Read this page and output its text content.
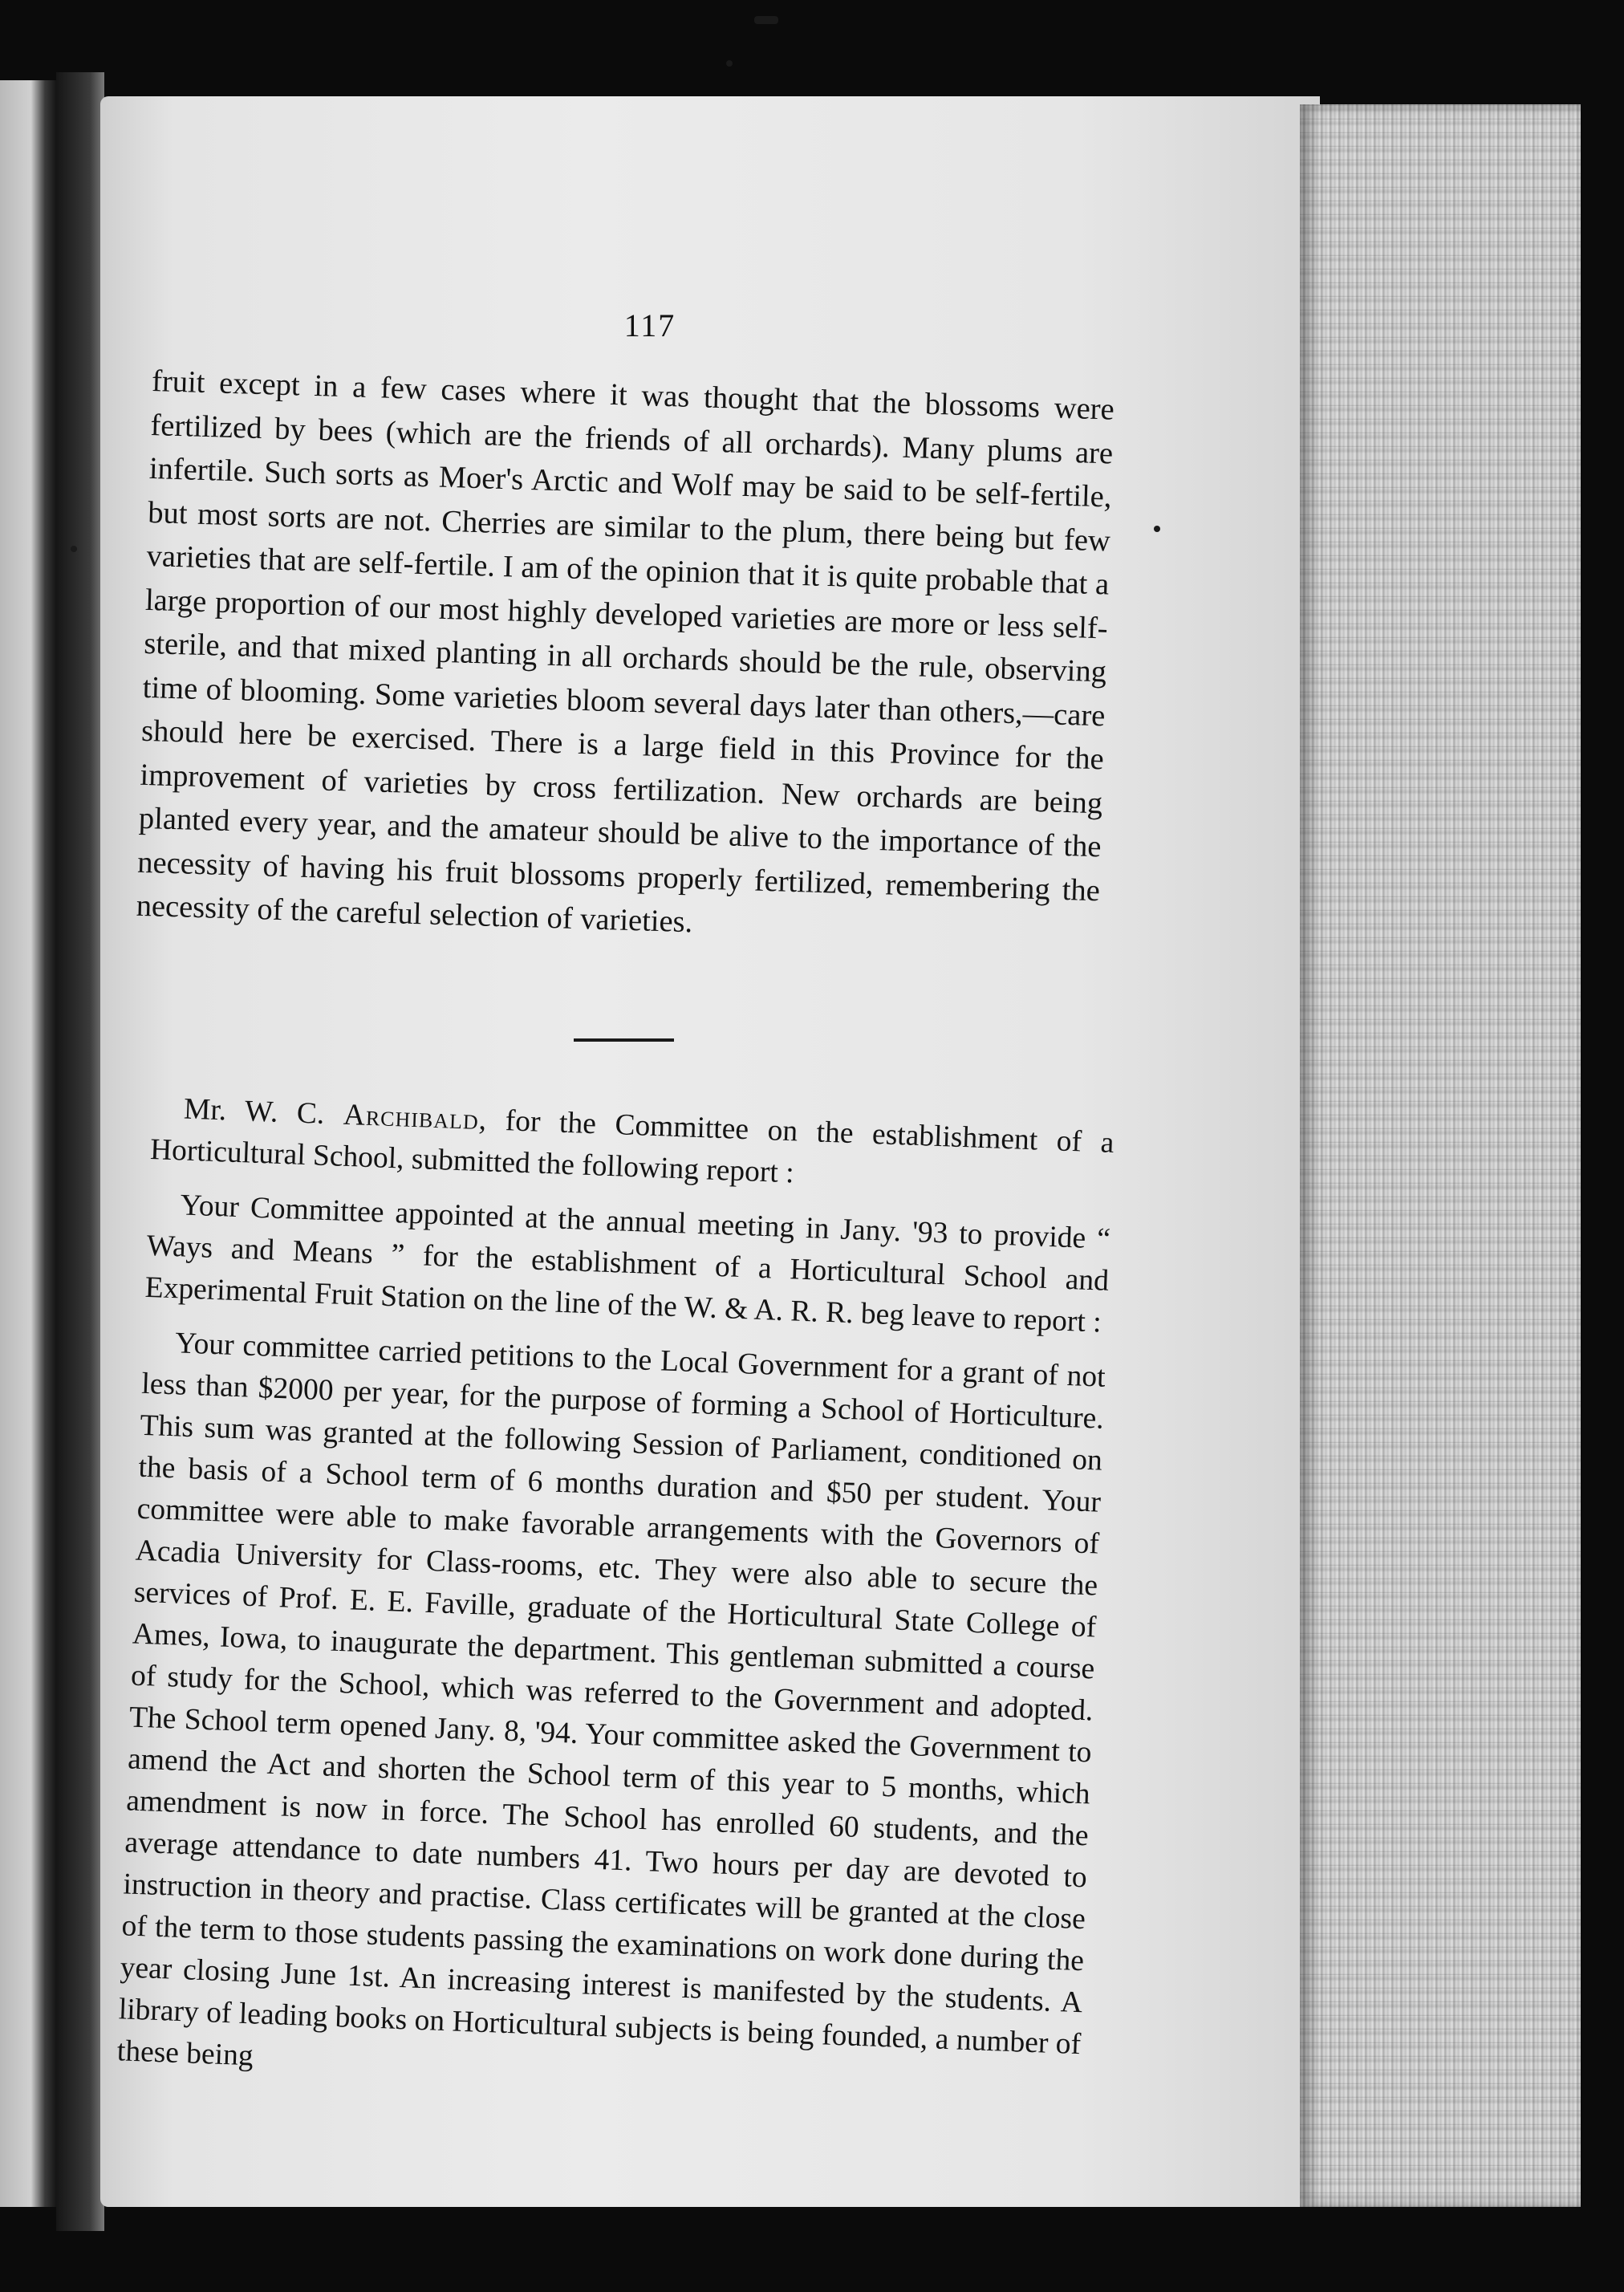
117

fruit except in a few cases where it was thought that the blossoms were fertilized by bees (which are the friends of all orchards). Many plums are infertile. Such sorts as Moer's Arctic and Wolf may be said to be self-fertile, but most sorts are not. Cherries are similar to the plum, there being but few varieties that are self-fertile. I am of the opinion that it is quite probable that a large proportion of our most highly developed varieties are more or less self-sterile, and that mixed planting in all orchards should be the rule, observing time of blooming. Some varieties bloom several days later than others,—care should here be exercised. There is a large field in this Province for the improvement of varieties by cross fertilization. New orchards are being planted every year, and the amateur should be alive to the importance of the necessity of having his fruit blossoms properly fertilized, remembering the necessity of the careful selection of varieties.

Mr. W. C. Archibald, for the Committee on the establishment of a Horticultural School, submitted the following report :

Your Committee appointed at the annual meeting in Jany. '93 to provide “ Ways and Means ” for the establishment of a Horticultural School and Experimental Fruit Station on the line of the W. & A. R. R. beg leave to report :

Your committee carried petitions to the Local Government for a grant of not less than $2000 per year, for the purpose of forming a School of Horticulture. This sum was granted at the following Session of Parliament, conditioned on the basis of a School term of 6 months duration and $50 per student. Your committee were able to make favorable arrangements with the Governors of Acadia University for Class-rooms, etc. They were also able to secure the services of Prof. E. E. Faville, graduate of the Horticultural State College of Ames, Iowa, to inaugurate the department. This gentleman submitted a course of study for the School, which was referred to the Government and adopted. The School term opened Jany. 8, '94. Your committee asked the Government to amend the Act and shorten the School term of this year to 5 months, which amendment is now in force. The School has enrolled 60 students, and the average attendance to date numbers 41. Two hours per day are devoted to instruction in theory and practise. Class certificates will be granted at the close of the term to those students passing the examinations on work done during the year closing June 1st. An increasing interest is manifested by the students. A library of leading books on Horticultural subjects is being founded, a number of these being
